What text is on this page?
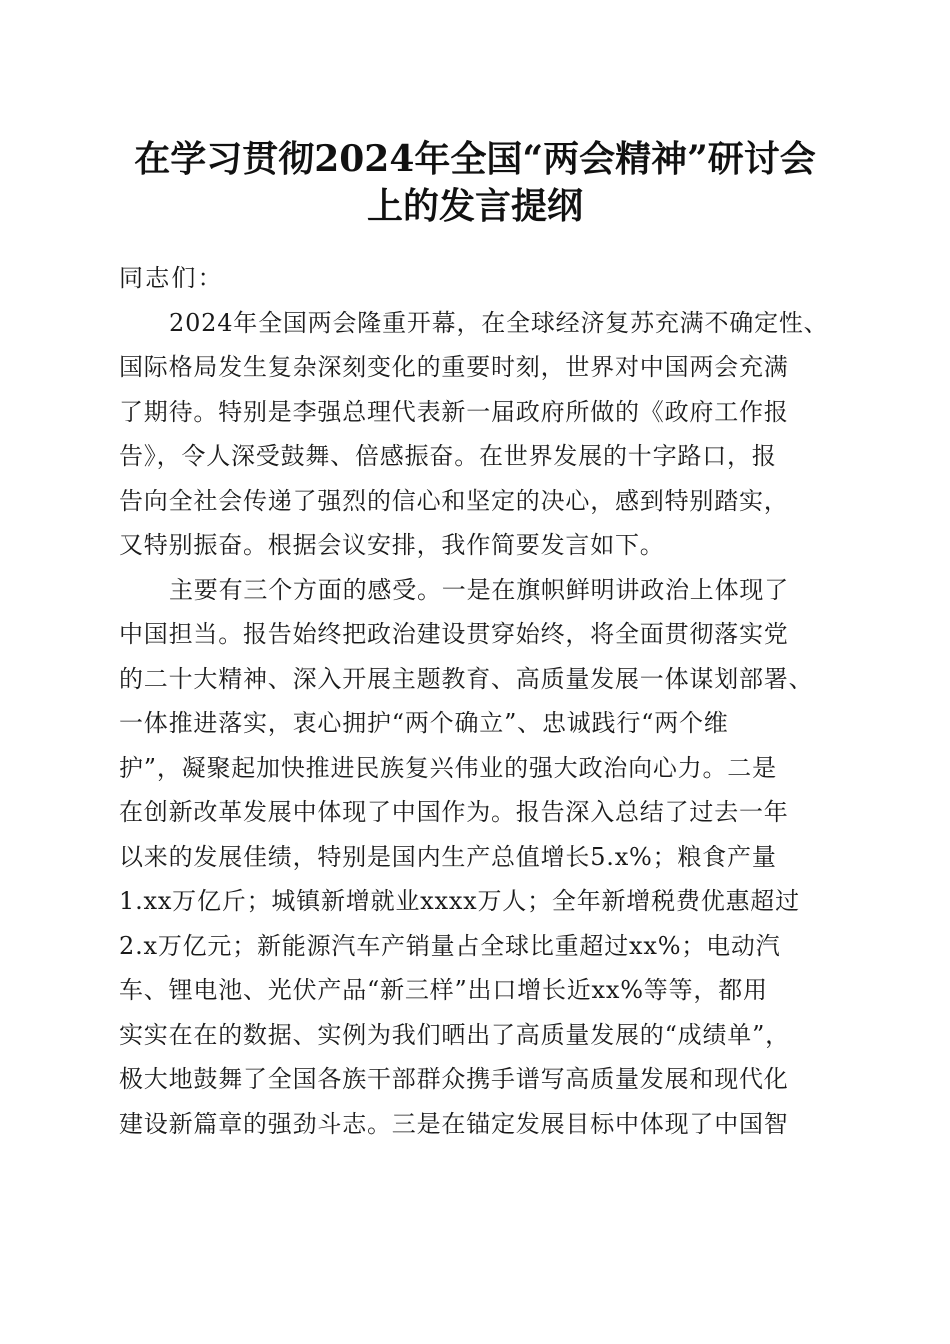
在学习贯彻2024年全国“两会精神”研讨会
上的发言提纲
同志们：
2024年全国两会隆重开幕，在全球经济复苏充满不确定性、
国际格局发生复杂深刻变化的重要时刻，世界对中国两会充满
了期待。特别是李强总理代表新一届政府所做的《政府工作报
告》，令人深受鼓舞、倍感振奋。在世界发展的十字路口，报
告向全社会传递了强烈的信心和坚定的决心，感到特别踏实，
又特别振奋。根据会议安排，我作简要发言如下。
主要有三个方面的感受。一是在旗帜鲜明讲政治上体现了
中国担当。报告始终把政治建设贯穿始终，将全面贯彻落实党
的二十大精神、深入开展主题教育、高质量发展一体谋划部署、
一体推进落实，衷心拥护“两个确立”、忠诚践行“两个维
护”，凝聚起加快推进民族复兴伟业的强大政治向心力。二是
在创新改革发展中体现了中国作为。报告深入总结了过去一年
以来的发展佳绩，特别是国内生产总值增长5.x%；粮食产量
1.xx万亿斤；城镇新增就业xxxx万人；全年新增税费优惠超过
2.x万亿元；新能源汽车产销量占全球比重超过xx%；电动汽
车、锂电池、光伏产品“新三样”出口增长近xx%等等，都用
实实在在的数据、实例为我们晒出了高质量发展的“成绩单”，
极大地鼓舞了全国各族干部群众携手谱写高质量发展和现代化
建设新篇章的强劲斗志。三是在锚定发展目标中体现了中国智
